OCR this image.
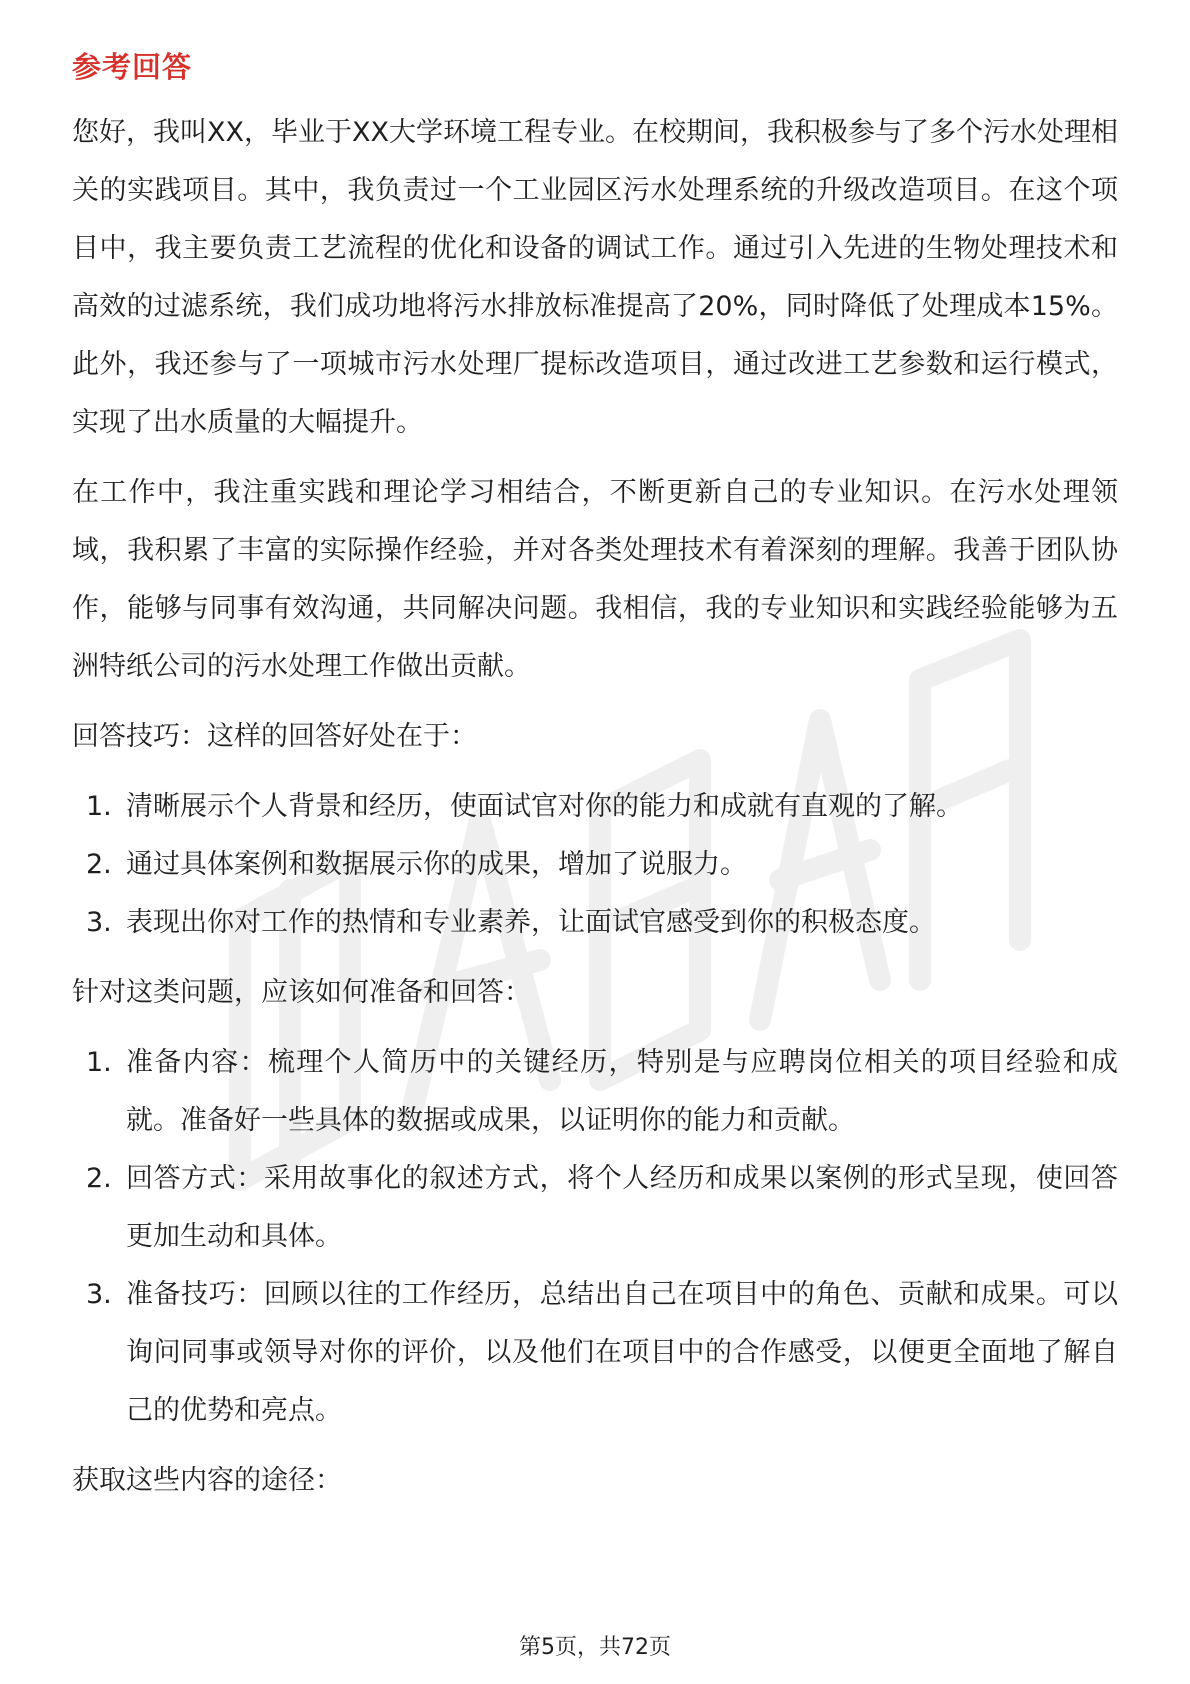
参考回答

您好，我叫XX，毕业于XX大学环境工程专业。在校期间，我积极参与了多个污水处理相关的实践项目。其中，我负责过一个工业园区污水处理系统的升级改造项目。在这个项目中，我主要负责工艺流程的优化和设备的调试工作。通过引入先进的生物处理技术和高效的过滤系统，我们成功地将污水排放标准提高了20%，同时降低了处理成本15%。此外，我还参与了一项城市污水处理厂提标改造项目，通过改进工艺参数和运行模式，实现了出水质量的大幅提升。

在工作中，我注重实践和理论学习相结合，不断更新自己的专业知识。在污水处理领域，我积累了丰富的实际操作经验，并对各类处理技术有着深刻的理解。我善于团队协作，能够与同事有效沟通，共同解决问题。我相信，我的专业知识和实践经验能够为五洲特纸公司的污水处理工作做出贡献。

回答技巧：这样的回答好处在于：
1. 清晰展示个人背景和经历，使面试官对你的能力和成就有直观的了解。
2. 通过具体案例和数据展示你的成果，增加了说服力。
3. 表现出你对工作的热情和专业素养，让面试官感受到你的积极态度。
针对这类问题，应该如何准备和回答：
1. 准备内容：梳理个人简历中的关键经历，特别是与应聘岗位相关的项目经验和成就。准备好一些具体的数据或成果，以证明你的能力和贡献。
2. 回答方式：采用故事化的叙述方式，将个人经历和成果以案例的形式呈现，使回答更加生动和具体。
3. 准备技巧：回顾以往的工作经历，总结出自己在项目中的角色、贡献和成果。可以询问同事或领导对你的评价，以及他们在项目中的合作感受，以便更全面地了解自己的优势和亮点。
获取这些内容的途径：
第5页，共72页
